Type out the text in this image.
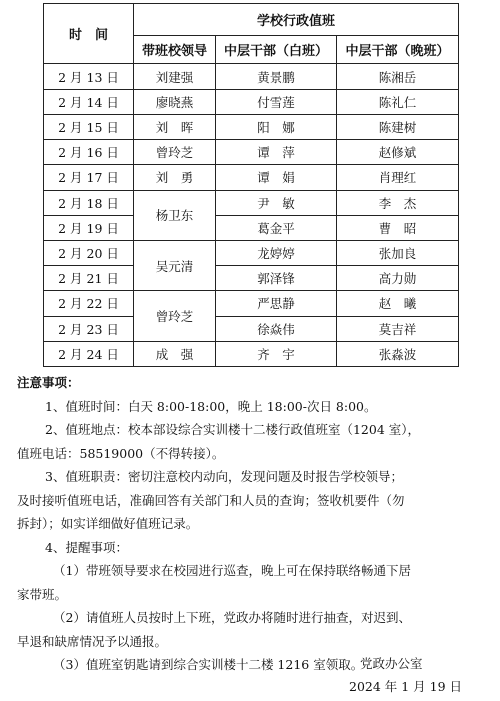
时　间	学校行政值班		
	带班校领导	中层干部（白班）	中层干部（晚班）
2 月 13 日	刘建强	黄景鹏	陈湘岳
2 月 14 日	廖晓燕	付雪莲	陈礼仁
2 月 15 日	刘　晖	阳　娜	陈建树
2 月 16 日	曾玲芝	谭　萍	赵修斌
2 月 17 日	刘　勇	谭　娟	肖理红
2 月 18 日	杨卫东	尹　敏	李　杰
2 月 19 日		葛金平	曹　昭
2 月 20 日	吴元清	龙婷婷	张加良
2 月 21 日		郭泽锋	高力勋
2 月 22 日	曾玲芝	严思静	赵　曦
2 月 23 日		徐焱伟	莫吉祥
2 月 24 日	成　强	齐　宇	张淼波

注意事项：

1、值班时间：白天 8:00-18:00，晚上 18:00-次日 8:00。

2、值班地点：校本部设综合实训楼十二楼行政值班室（1204 室），

值班电话：58519000（不得转接）。

3、值班职责：密切注意校内动向，发现问题及时报告学校领导；

及时接听值班电话，准确回答有关部门和人员的查询；签收机要件（勿

拆封）；如实详细做好值班记录。

4、提醒事项：

（1）带班领导要求在校园进行巡查，晚上可在保持联络畅通下居

家带班。

（2）请值班人员按时上下班，党政办将随时进行抽查，对迟到、

早退和缺席情况予以通报。

（3）值班室钥匙请到综合实训楼十二楼 1216 室领取。

党政办公室
2024 年 1 月 19 日
